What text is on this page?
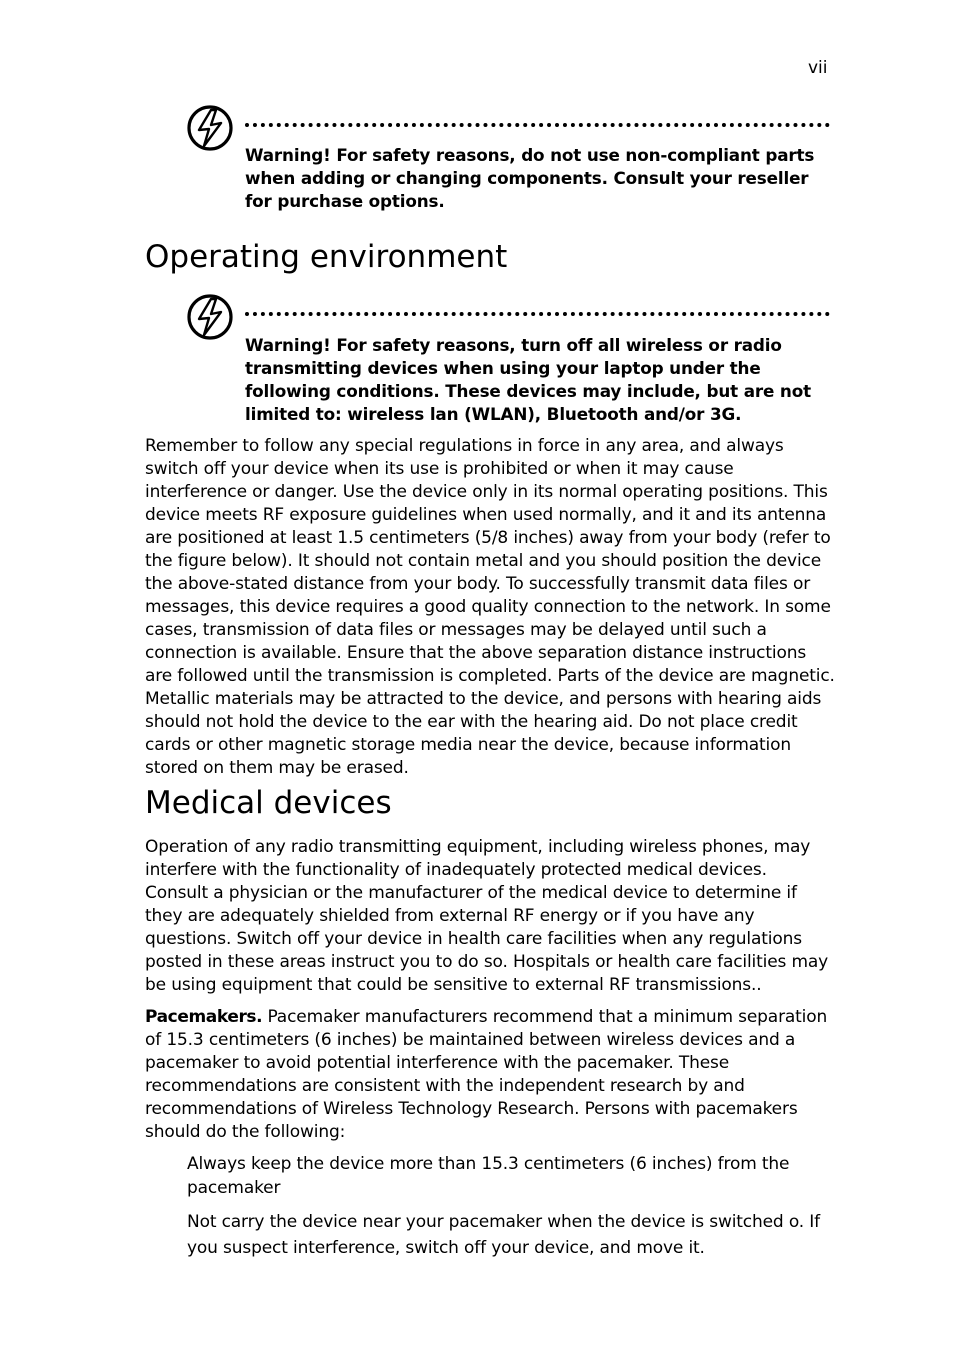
vii
Warning! For safety reasons, do not use non-compliant parts when adding or changing components. Consult your reseller for purchase options.
Operating environment
Warning! For safety reasons, turn off all wireless or radio transmitting devices when using your laptop under the following conditions. These devices may include, but are not limited to: wireless lan (WLAN), Bluetooth and/or 3G.

Remember to follow any special regulations in force in any area, and always switch off your device when its use is prohibited or when it may cause interference or danger. Use the device only in its normal operating positions. This device meets RF exposure guidelines when used normally, and it and its antenna are positioned at least 1.5 centimeters (5/8 inches) away from your body (refer to the figure below). It should not contain metal and you should position the device the above-stated distance from your body. To successfully transmit data files or messages, this device requires a good quality connection to the network. In some cases, transmission of data files or messages may be delayed until such a connection is available. Ensure that the above separation distance instructions are followed until the transmission is completed. Parts of the device are magnetic. Metallic materials may be attracted to the device, and persons with hearing aids should not hold the device to the ear with the hearing aid. Do not place credit cards or other magnetic storage media near the device, because information stored on them may be erased.

Medical devices

Operation of any radio transmitting equipment, including wireless phones, may interfere with the functionality of inadequately protected medical devices. Consult a physician or the manufacturer of the medical device to determine if they are adequately shielded from external RF energy or if you have any questions. Switch off your device in health care facilities when any regulations posted in these areas instruct you to do so. Hospitals or health care facilities may be using equipment that could be sensitive to external RF transmissions..

Pacemakers. Pacemaker manufacturers recommend that a minimum separation of 15.3 centimeters (6 inches) be maintained between wireless devices and a pacemaker to avoid potential interference with the pacemaker. These recommendations are consistent with the independent research by and recommendations of Wireless Technology Research. Persons with pacemakers should do the following:

Always keep the device more than 15.3 centimeters (6 inches) from the pacemaker

Not carry the device near your pacemaker when the device is switched o. If you suspect interference, switch off your device, and move it.
